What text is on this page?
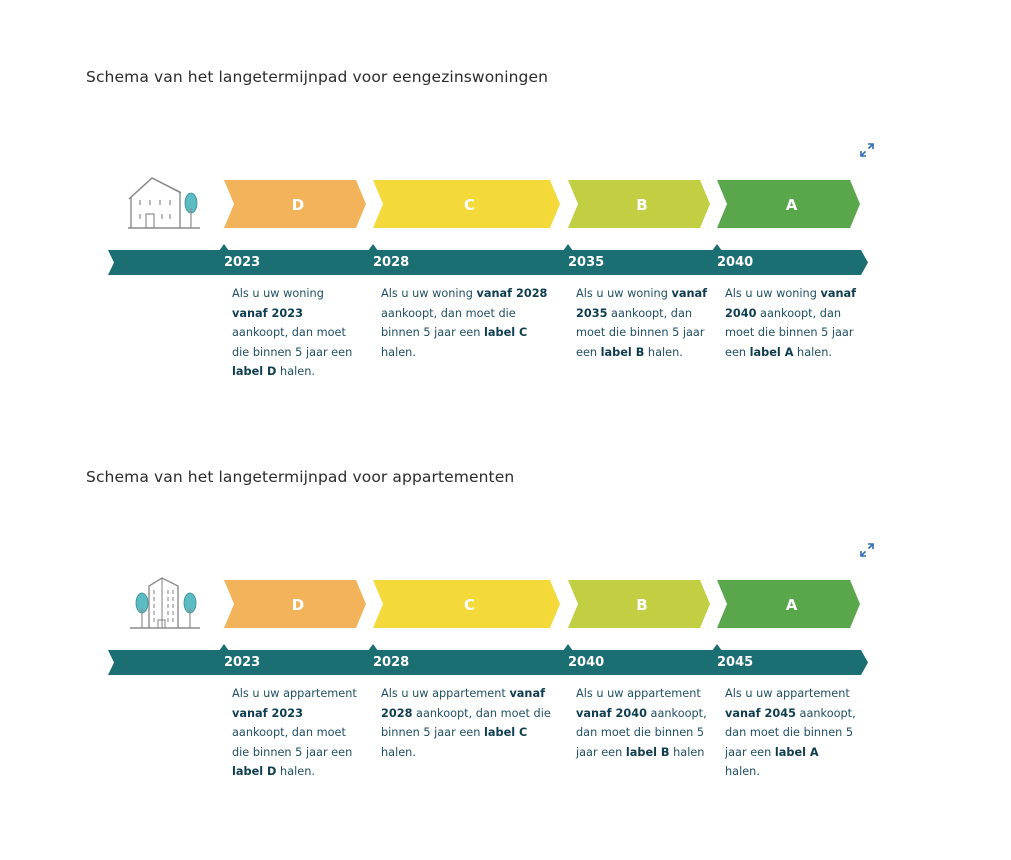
Schema van het langetermijnpad voor eengezinswoningen
D	C	B	A
2023
Als u uw woning vanaf 2023 aankoopt, dan moet die binnen 5 jaar een label D halen.
2028
Als u uw woning vanaf 2028 aankoopt, dan moet die binnen 5 jaar een label C halen.
2035
Als u uw woning vanaf 2035 aankoopt, dan moet die binnen 5 jaar een label B halen.
2040
Als u uw woning vanaf 2040 aankoopt, dan moet die binnen 5 jaar een label A halen.
Schema van het langetermijnpad voor appartementen
D	C	B	A
2023
Als u uw appartement vanaf 2023 aankoopt, dan moet die binnen 5 jaar een label D halen.
2028
Als u uw appartement vanaf 2028 aankoopt, dan moet die binnen 5 jaar een label C halen.
2040
Als u uw appartement vanaf 2040 aankoopt, dan moet die binnen 5 jaar een label B halen
2045
Als u uw appartement vanaf 2045 aankoopt, dan moet die binnen 5 jaar een label A halen.
